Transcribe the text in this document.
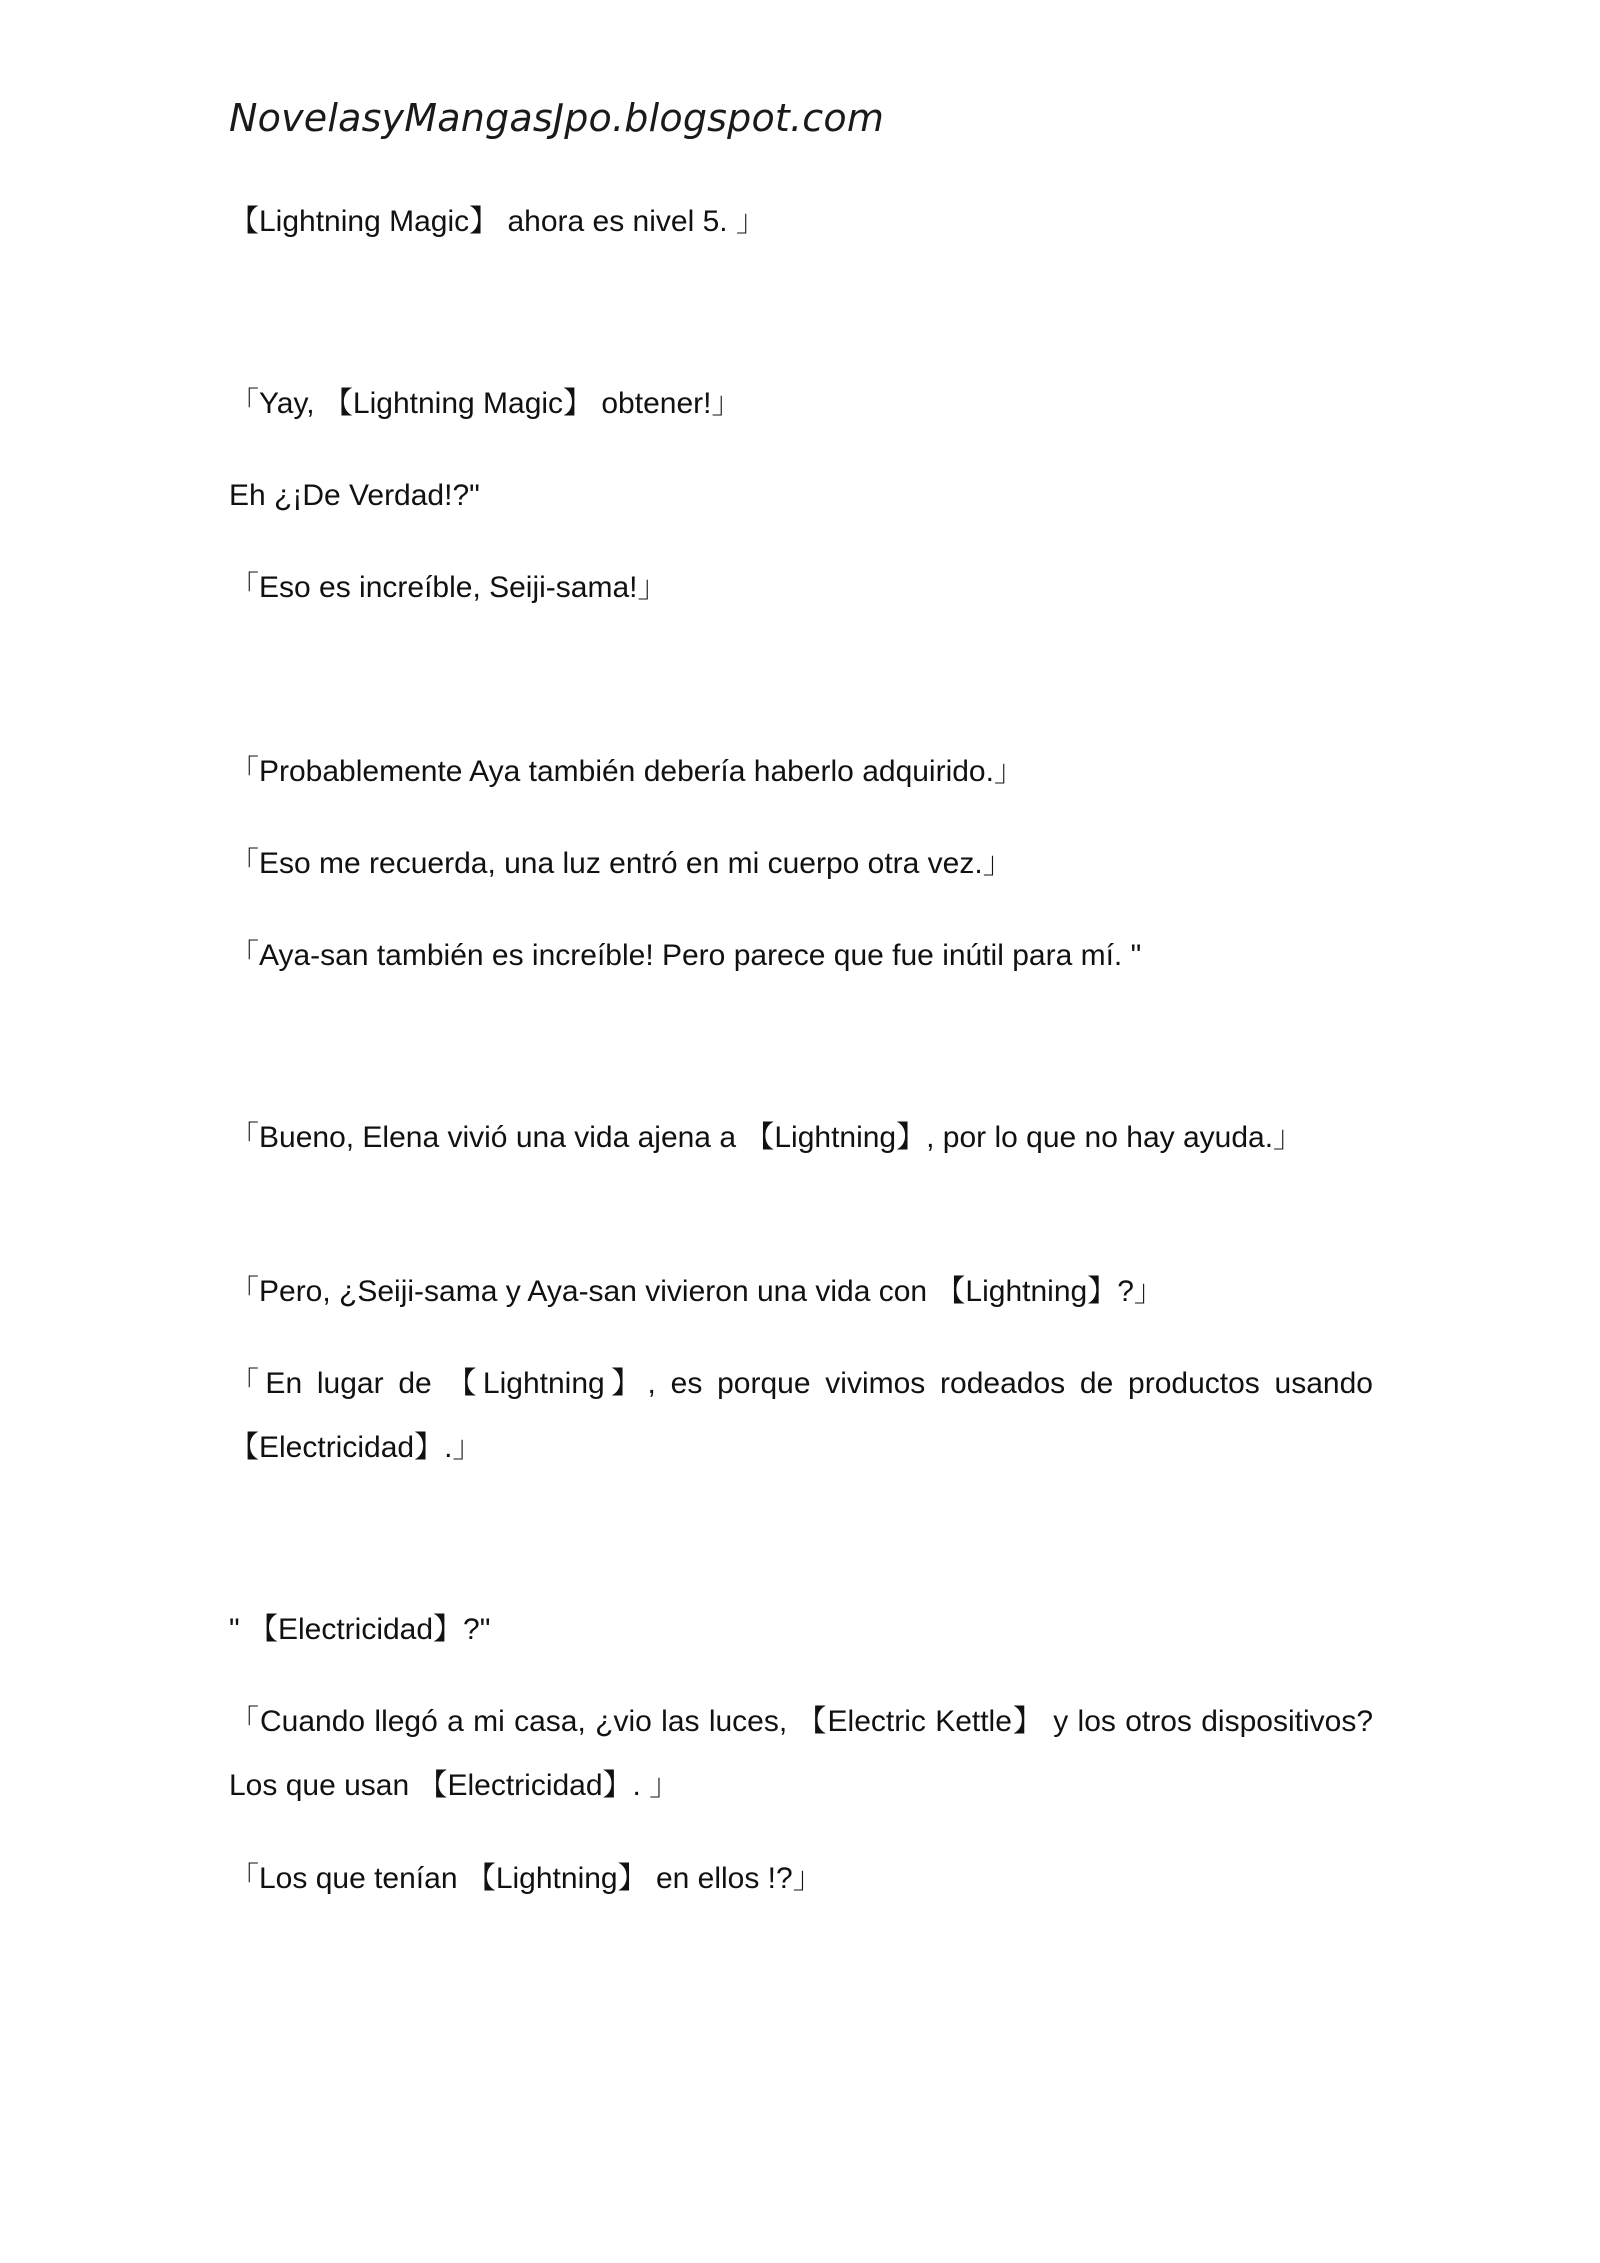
NovelasyMangasJpo.blogspot.com

【Lightning Magic】 ahora es nivel 5. 」

「Yay, 【Lightning Magic】 obtener!」

Eh ¿¡De Verdad!?"

「Eso es increíble, Seiji-sama!」

「Probablemente Aya también debería haberlo adquirido.」

「Eso me recuerda, una luz entró en mi cuerpo otra vez.」

「Aya-san también es increíble! Pero parece que fue inútil para mí. "

「Bueno, Elena vivió una vida ajena a 【Lightning】, por lo que no hay ayuda.」

「Pero, ¿Seiji-sama y Aya-san vivieron una vida con 【Lightning】?」

「En lugar de 【Lightning】, es porque vivimos rodeados de productos usando 【Electricidad】.」

" 【Electricidad】?"

「Cuando llegó a mi casa, ¿vio las luces, 【Electric Kettle】 y los otros dispositivos? Los que usan 【Electricidad】. 」

「Los que tenían 【Lightning】 en ellos !?」
